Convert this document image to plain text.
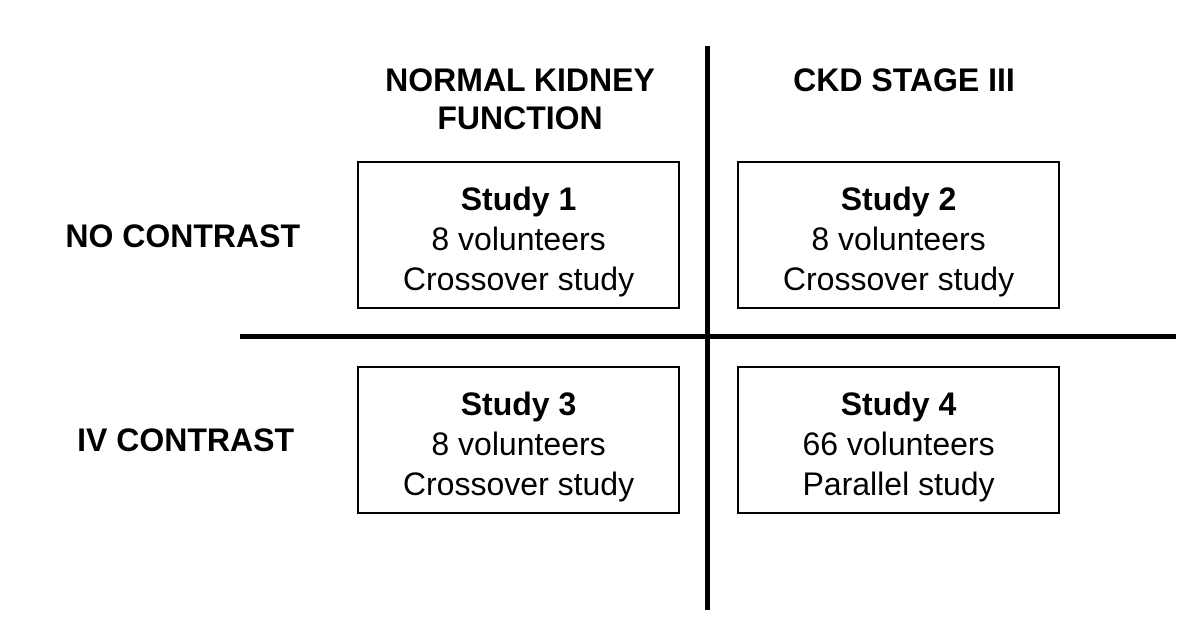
NORMAL KIDNEY
FUNCTION
CKD STAGE III
NO CONTRAST
IV CONTRAST
Study 1
8 volunteers
Crossover study
Study 2
8 volunteers
Crossover study
Study 3
8 volunteers
Crossover study
Study 4
66 volunteers
Parallel study
